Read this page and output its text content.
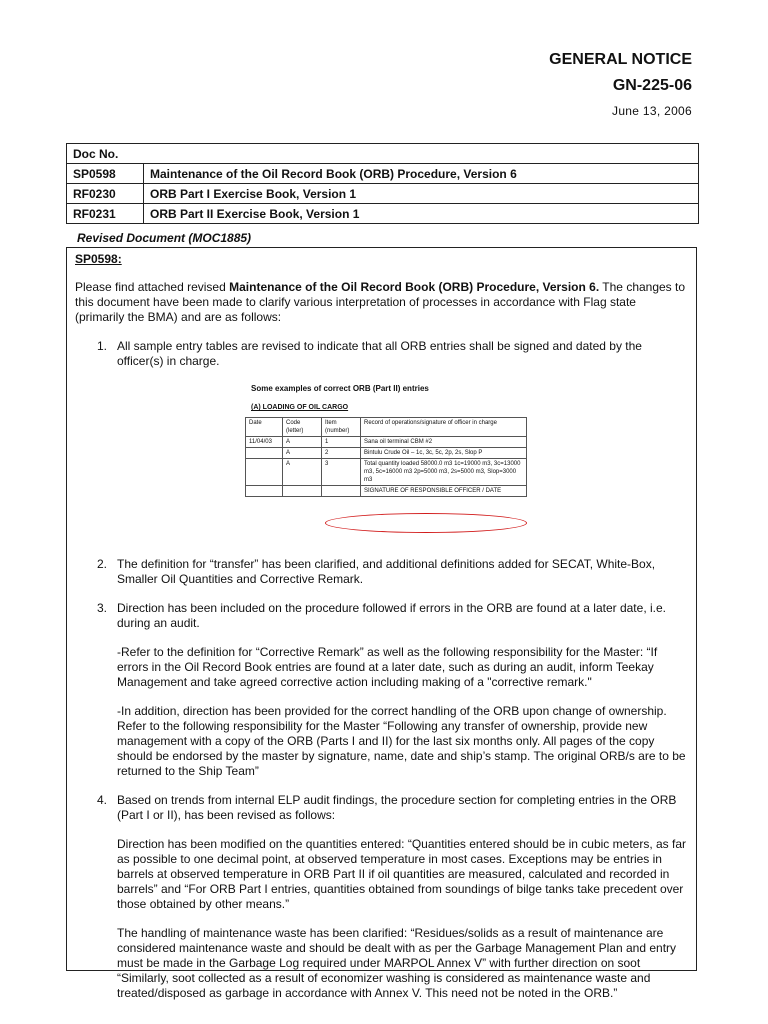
GENERAL NOTICE
GN-225-06
June 13, 2006
Doc No.	
SP0598	Maintenance of the Oil Record Book (ORB) Procedure, Version 6
RF0230	ORB Part I Exercise Book, Version 1
RF0231	ORB Part II Exercise Book, Version 1
Revised Document (MOC1885)
SP0598:
Please find attached revised Maintenance of the Oil Record Book (ORB) Procedure, Version 6. The changes to this document have been made to clarify various interpretation of processes in accordance with Flag state (primarily the BMA) and are as follows:
1. All sample entry tables are revised to indicate that all ORB entries shall be signed and dated by the officer(s) in charge.
Some examples of correct ORB (Part II) entries
(A) LOADING OF OIL CARGO
Date	Code (letter)	Item (number)	Record of operations/signature of officer in charge
11/04/03	A	1	Sana oil terminal CBM #2
	A	2	Bintulu Crude Oil – 1c, 3c, 5c, 2p, 2s, Slop P
	A	3	Total quantity loaded 58000.0 m3 1c=19000 m3, 3c=13000 m3, 5c=16000 m3 2p=5000 m3, 2s=5000 m3, Slop=3000 m3
			SIGNATURE OF RESPONSIBLE OFFICER / DATE
2. The definition for “transfer” has been clarified, and additional definitions added for SECAT, White-Box, Smaller Oil Quantities and Corrective Remark.
3. Direction has been included on the procedure followed if errors in the ORB are found at a later date, i.e. during an audit.
-Refer to the definition for “Corrective Remark” as well as the following responsibility for the Master: “If errors in the Oil Record Book entries are found at a later date, such as during an audit, inform Teekay Management and take agreed corrective action including making of a "corrective remark."
-In addition, direction has been provided for the correct handling of the ORB upon change of ownership. Refer to the following responsibility for the Master “Following any transfer of ownership, provide new management with a copy of the ORB (Parts I and II) for the last six months only. All pages of the copy should be endorsed by the master by signature, name, date and ship’s stamp. The original ORB/s are to be returned to the Ship Team”
4. Based on trends from internal ELP audit findings, the procedure section for completing entries in the ORB (Part I or II), has been revised as follows:
Direction has been modified on the quantities entered: “Quantities entered should be in cubic meters, as far as possible to one decimal point, at observed temperature in most cases. Exceptions may be entries in barrels at observed temperature in ORB Part II if oil quantities are measured, calculated and recorded in barrels” and “For ORB Part I entries, quantities obtained from soundings of bilge tanks take precedent over those obtained by other means.”
The handling of maintenance waste has been clarified: “Residues/solids as a result of maintenance are considered maintenance waste and should be dealt with as per the Garbage Management Plan and entry must be made in the Garbage Log required under MARPOL Annex V” with further direction on soot “Similarly, soot collected as a result of economizer washing is considered as maintenance waste and treated/disposed as garbage in accordance with Annex V. This need not be noted in the ORB.”
